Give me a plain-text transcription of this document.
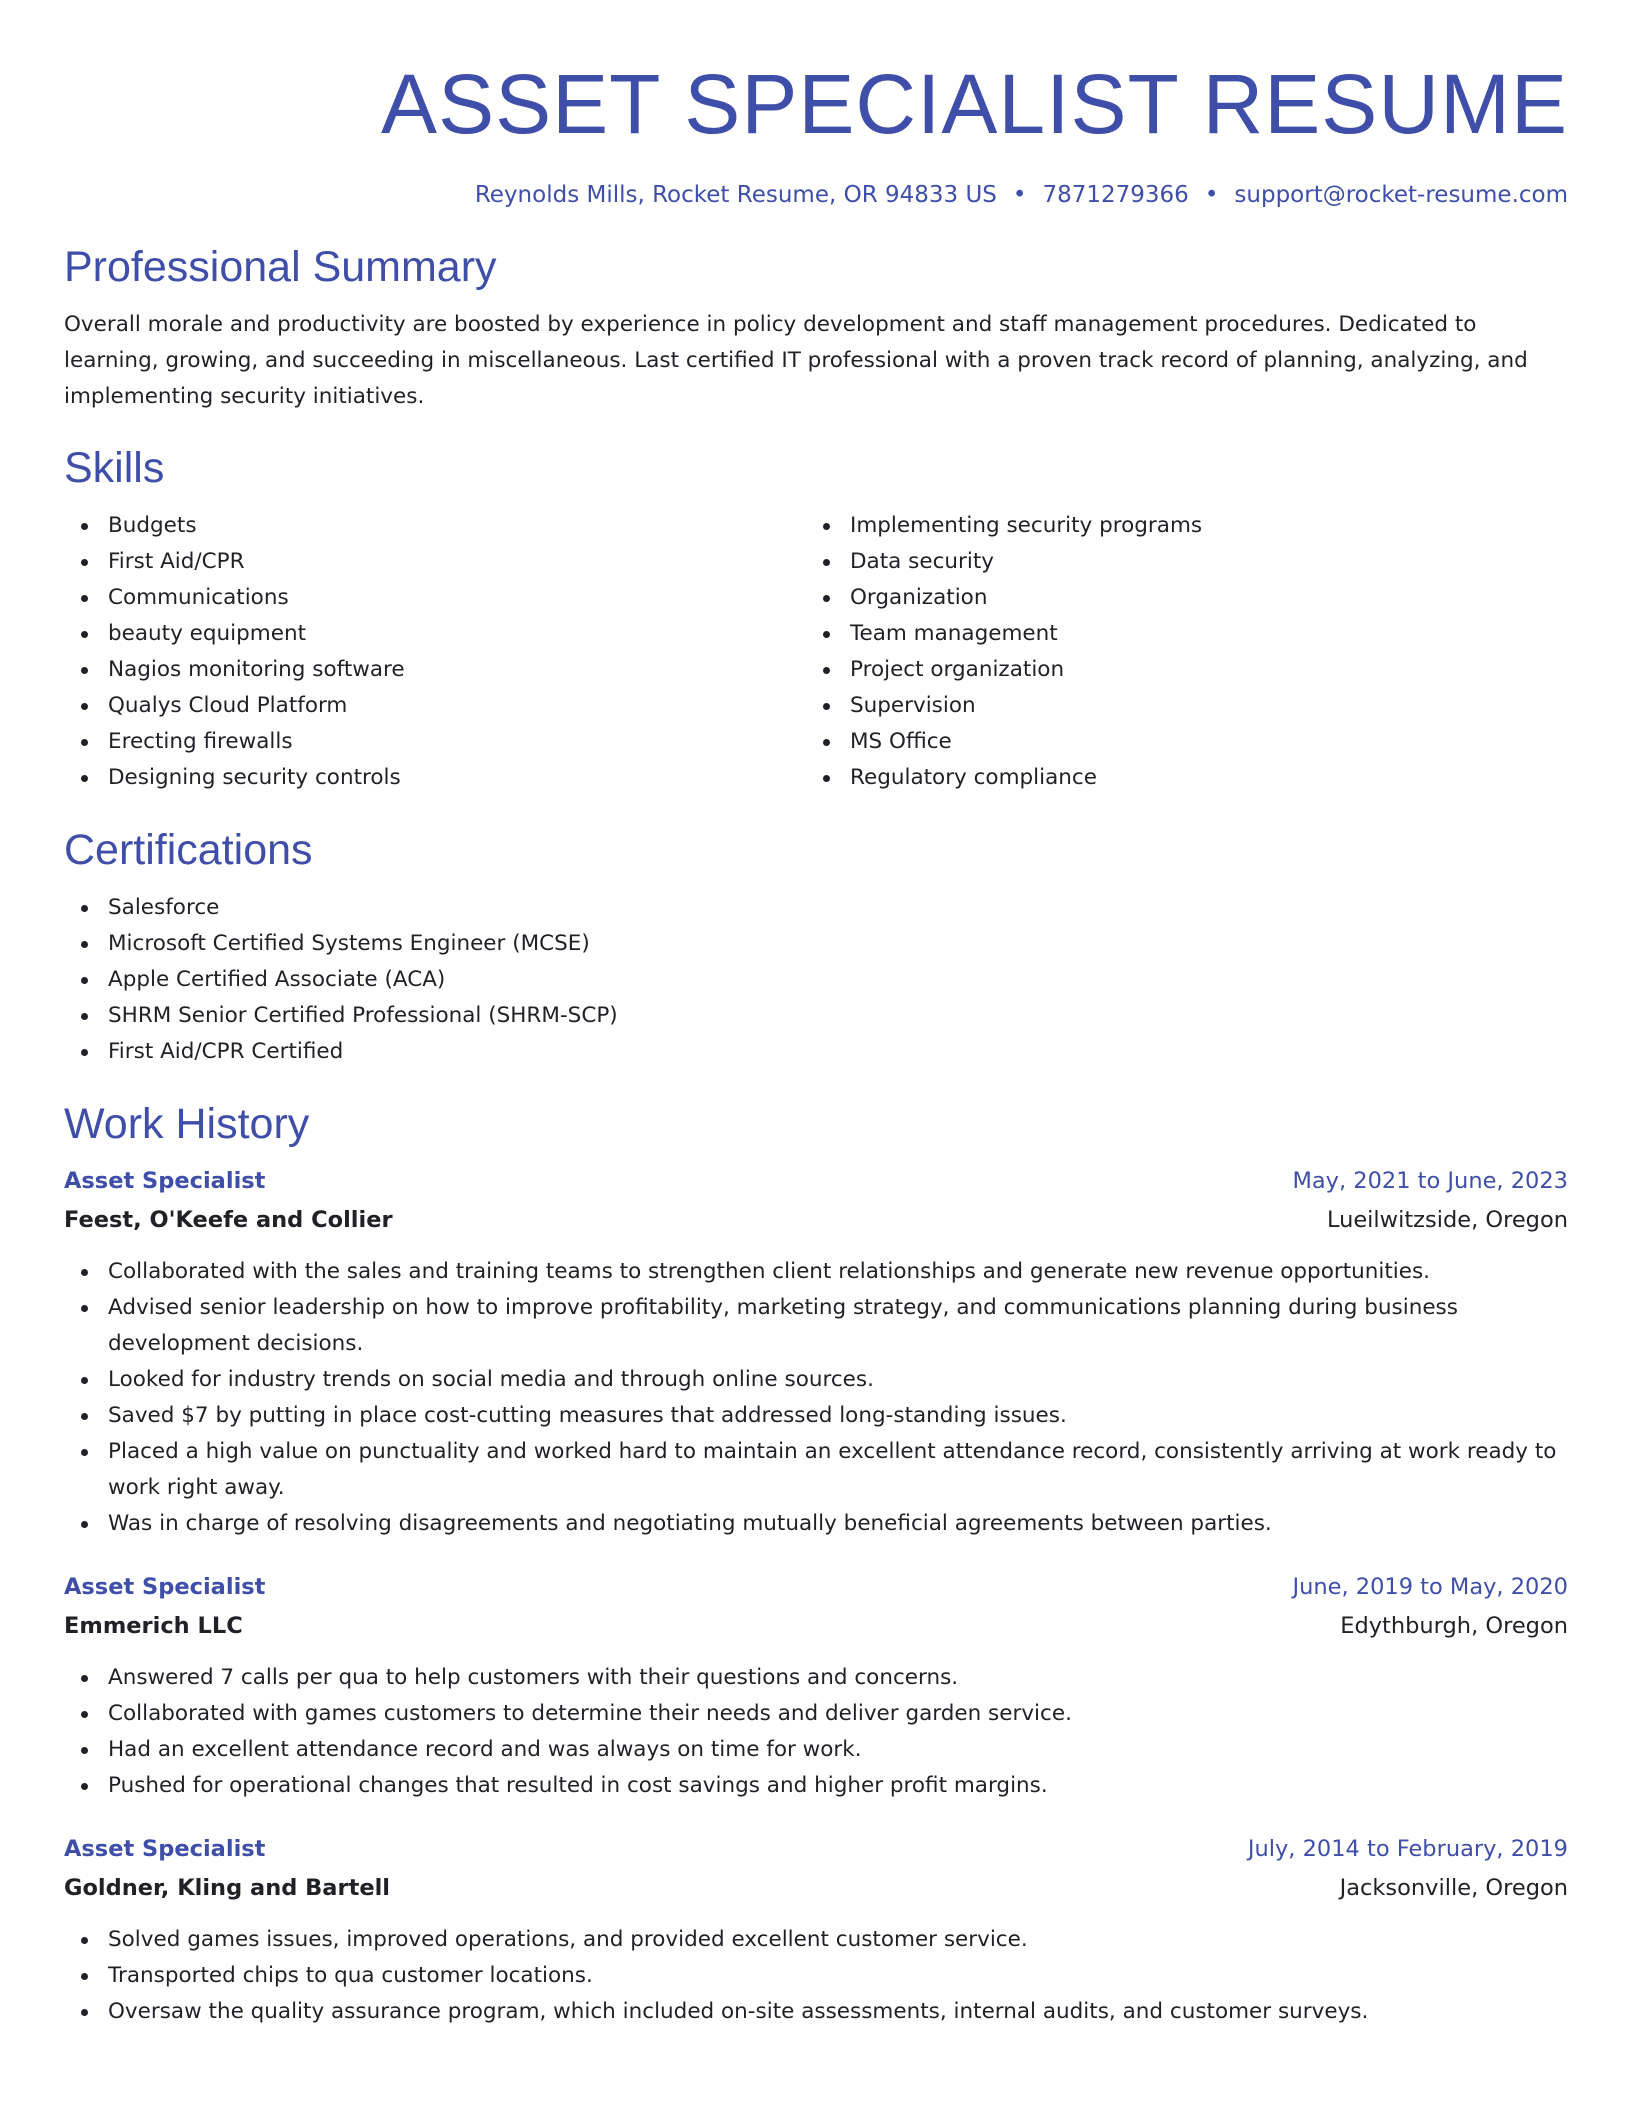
ASSET SPECIALIST RESUME
Reynolds Mills, Rocket Resume, OR 94833 US • 7871279366 • support@rocket-resume.com
Professional Summary

Overall morale and productivity are boosted by experience in policy development and staff management procedures. Dedicated to learning, growing, and succeeding in miscellaneous. Last certified IT professional with a proven track record of planning, analyzing, and implementing security initiatives.

Skills
Budgets
First Aid/CPR
Communications
beauty equipment
Nagios monitoring software
Qualys Cloud Platform
Erecting firewalls
Designing security controls
Implementing security programs
Data security
Organization
Team management
Project organization
Supervision
MS Office
Regulatory compliance
Certifications
Salesforce
Microsoft Certified Systems Engineer (MCSE)
Apple Certified Associate (ACA)
SHRM Senior Certified Professional (SHRM-SCP)
First Aid/CPR Certified
Work History
Asset Specialist	May, 2021 to June, 2023
Feest, O'Keefe and Collier	Lueilwitzside, Oregon
Collaborated with the sales and training teams to strengthen client relationships and generate new revenue opportunities.
Advised senior leadership on how to improve profitability, marketing strategy, and communications planning during business development decisions.
Looked for industry trends on social media and through online sources.
Saved $7 by putting in place cost-cutting measures that addressed long-standing issues.
Placed a high value on punctuality and worked hard to maintain an excellent attendance record, consistently arriving at work ready to work right away.
Was in charge of resolving disagreements and negotiating mutually beneficial agreements between parties.
Asset Specialist	June, 2019 to May, 2020
Emmerich LLC	Edythburgh, Oregon
Answered 7 calls per qua to help customers with their questions and concerns.
Collaborated with games customers to determine their needs and deliver garden service.
Had an excellent attendance record and was always on time for work.
Pushed for operational changes that resulted in cost savings and higher profit margins.
Asset Specialist	July, 2014 to February, 2019
Goldner, Kling and Bartell	Jacksonville, Oregon
Solved games issues, improved operations, and provided excellent customer service.
Transported chips to qua customer locations.
Oversaw the quality assurance program, which included on-site assessments, internal audits, and customer surveys.
